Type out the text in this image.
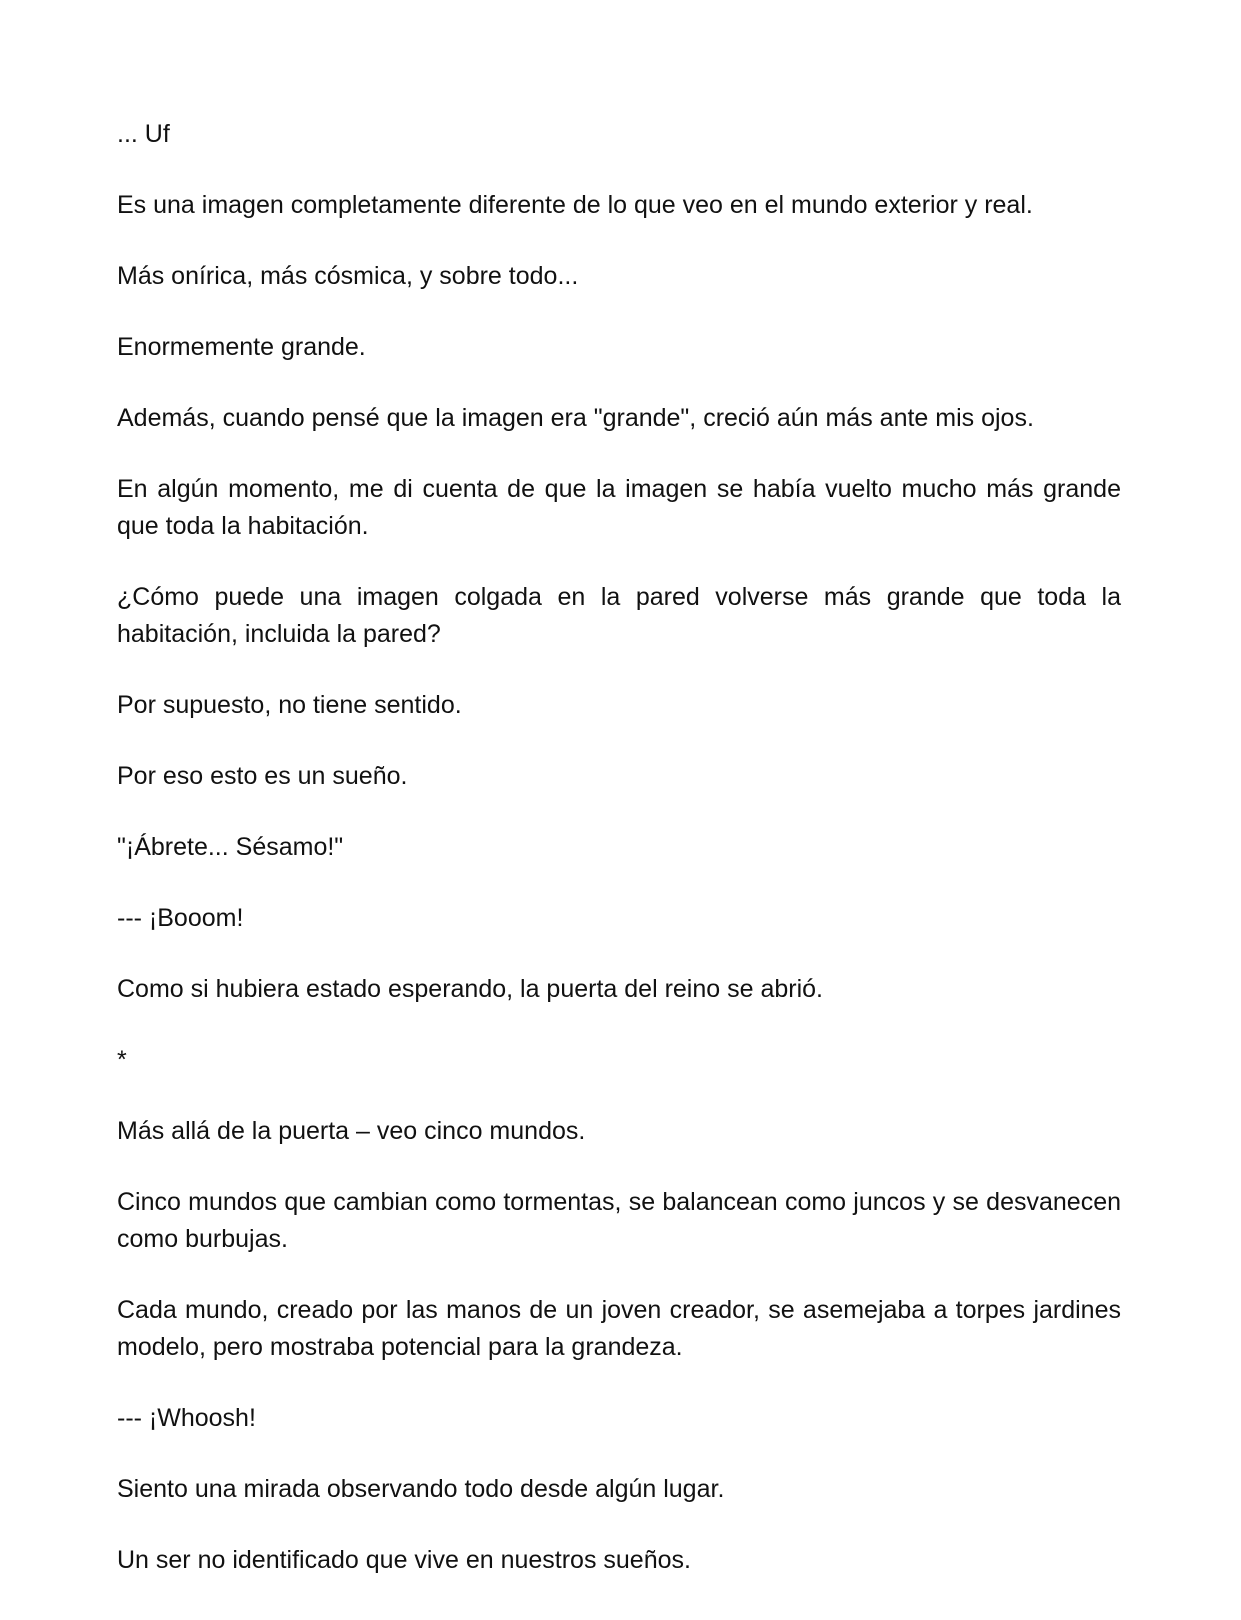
... Uf

Es una imagen completamente diferente de lo que veo en el mundo exterior y real.

Más onírica, más cósmica, y sobre todo...

Enormemente grande.

Además, cuando pensé que la imagen era "grande", creció aún más ante mis ojos.

En algún momento, me di cuenta de que la imagen se había vuelto mucho más grande que toda la habitación.

¿Cómo puede una imagen colgada en la pared volverse más grande que toda la habitación, incluida la pared?

Por supuesto, no tiene sentido.

Por eso esto es un sueño.

"¡Ábrete... Sésamo!"

--- ¡Booom!

Como si hubiera estado esperando, la puerta del reino se abrió.

*

Más allá de la puerta – veo cinco mundos.

Cinco mundos que cambian como tormentas, se balancean como juncos y se desvanecen como burbujas.

Cada mundo, creado por las manos de un joven creador, se asemejaba a torpes jardines modelo, pero mostraba potencial para la grandeza.

--- ¡Whoosh!

Siento una mirada observando todo desde algún lugar.

Un ser no identificado que vive en nuestros sueños.
